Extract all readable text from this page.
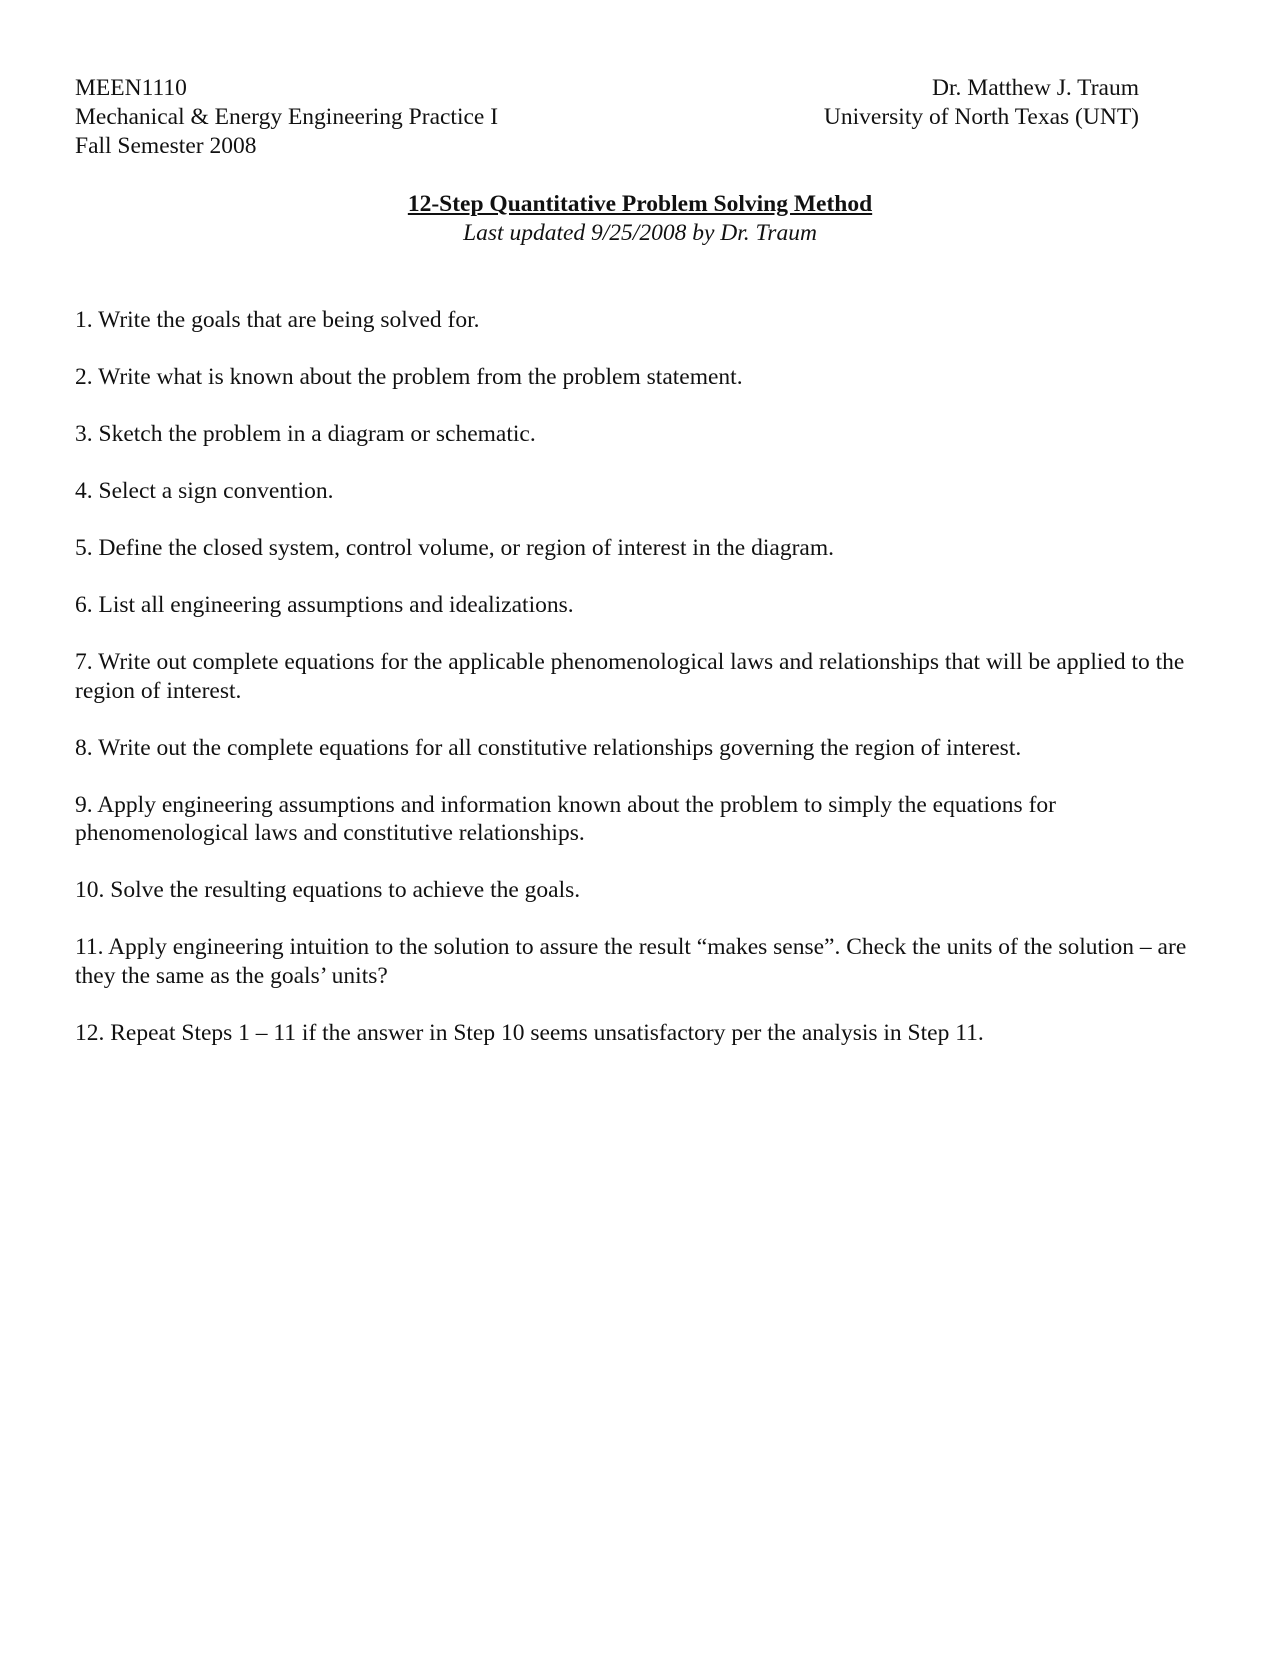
MEEN1110
Mechanical & Energy Engineering Practice I
Fall Semester 2008
Dr. Matthew J. Traum
University of North Texas (UNT)
12-Step Quantitative Problem Solving Method
Last updated 9/25/2008 by Dr. Traum

1. Write the goals that are being solved for.

2. Write what is known about the problem from the problem statement.

3. Sketch the problem in a diagram or schematic.

4. Select a sign convention.

5. Define the closed system, control volume, or region of interest in the diagram.

6. List all engineering assumptions and idealizations.

7. Write out complete equations for the applicable phenomenological laws and relationships that will be applied to the region of interest.

8. Write out the complete equations for all constitutive relationships governing the region of interest.

9. Apply engineering assumptions and information known about the problem to simply the equations for phenomenological laws and constitutive relationships.

10. Solve the resulting equations to achieve the goals.

11. Apply engineering intuition to the solution to assure the result “makes sense”. Check the units of the solution – are they the same as the goals’ units?

12. Repeat Steps 1 – 11 if the answer in Step 10 seems unsatisfactory per the analysis in Step 11.
